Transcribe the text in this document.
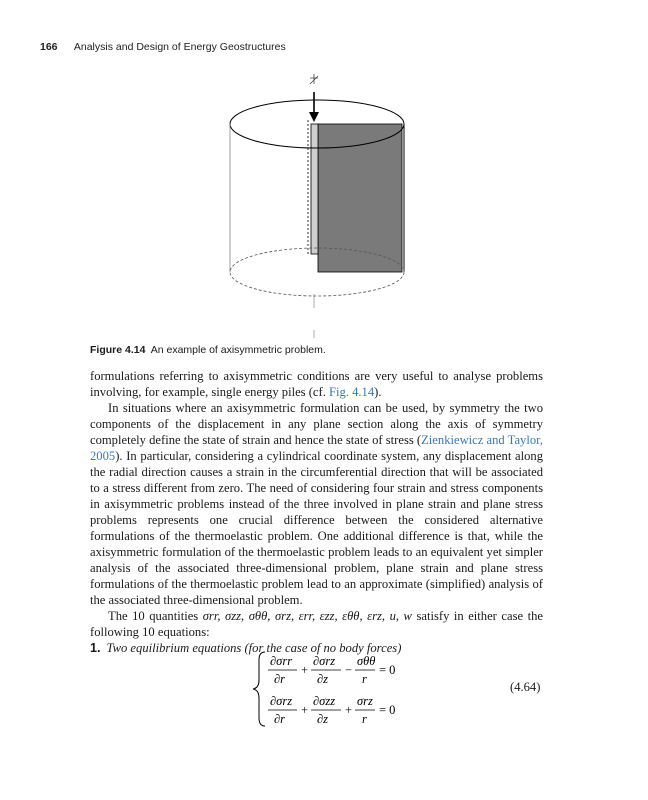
166 Analysis and Design of Energy Geostructures
Figure 4.14 An example of axisymmetric problem.

formulations referring to axisymmetric conditions are very useful to analyse problems involving, for example, single energy piles (cf. Fig. 4.14).

In situations where an axisymmetric formulation can be used, by symmetry the two components of the displacement in any plane section along the axis of symmetry completely define the state of strain and hence the state of stress (Zienkiewicz and Taylor, 2005). In particular, considering a cylindrical coordinate system, any displacement along the radial direction causes a strain in the circumferential direction that will be associated to a stress different from zero. The need of considering four strain and stress components in axisymmetric problems instead of the three involved in plane strain and plane stress problems represents one crucial difference between the considered alternative formulations of the thermoelastic problem. One additional difference is that, while the axisymmetric formulation of the thermoelastic problem leads to an equivalent yet simpler analysis of the associated three-dimensional problem, plane strain and plane stress formulations of the thermoelastic problem lead to an approximate (simplified) analysis of the associated three-dimensional problem.

The 10 quantities σrr, σzz, σθθ, σrz, εrr, εzz, εθθ, εrz, u, w satisfy in either case the following 10 equations:

1. Two equilibrium equations (for the case of no body forces)

∂σrr
∂r
+
∂σrz
∂z
−
σθθ
r
= 0
∂σrz
∂r
+
∂σzz
∂z
+
σrz
r
= 0
(4.64)
